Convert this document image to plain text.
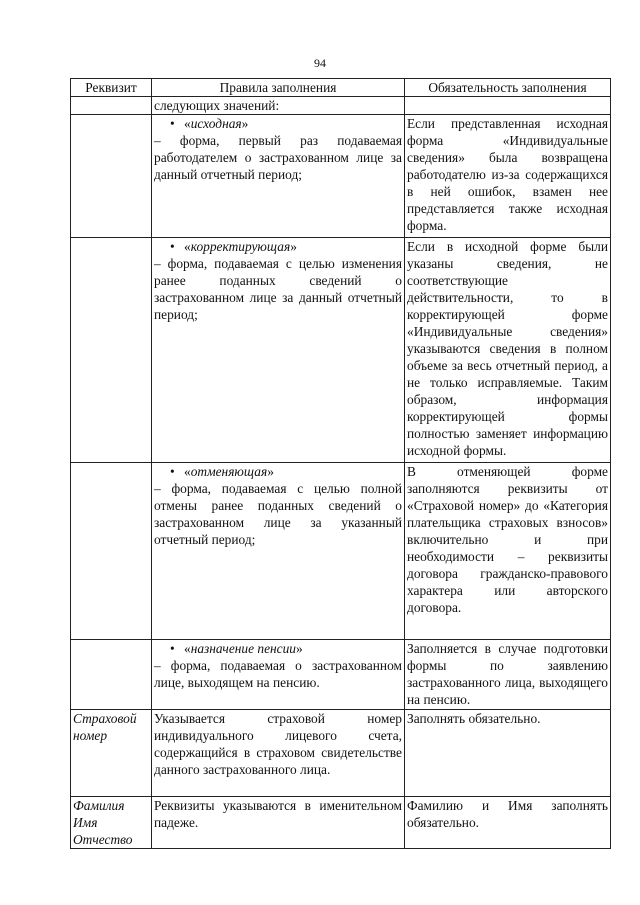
94
Реквизит	Правила заполнения	Обязательность заполнения
	следующих значений:	

	• «исходная»
– форма, первый раз подаваемая работодателем о застрахованном лице за данный отчетный период;	Если представленная исходная форма «Индивидуальные сведения» была возвращена работодателю из-за содержащихся в ней ошибок, взамен нее представляется также исходная форма.

	• «корректирующая»
– форма, подаваемая с целью изменения ранее поданных сведений о застрахованном лице за данный отчетный период;	Если в исходной форме были указаны сведения, не соответствующие действительности, то в корректирующей форме «Индивидуальные сведения» указываются сведения в полном объеме за весь отчетный период, а не только исправляемые. Таким образом, информация корректирующей формы полностью заменяет информацию исходной формы.

	• «отменяющая»
– форма, подаваемая с целью полной отмены ранее поданных сведений о застрахованном лице за указанный отчетный период;	В отменяющей форме заполняются реквизиты от «Страховой номер» до «Категория плательщика страховых взносов» включительно и при необходимости – реквизиты договора гражданско-правового характера или авторского договора.

	• «назначение пенсии»
– форма, подаваемая о застрахованном лице, выходящем на пенсию.	Заполняется в случае подготовки формы по заявлению застрахованного лица, выходящего на пенсию.

Страховой
номер	Указывается страховой номер индивидуального лицевого счета, содержащийся в страховом свидетельстве данного застрахованного лица.	Заполнять обязательно.

Фамилия
Имя
Отчество	Реквизиты указываются в именительном падеже.	Фамилию и Имя заполнять обязательно.
